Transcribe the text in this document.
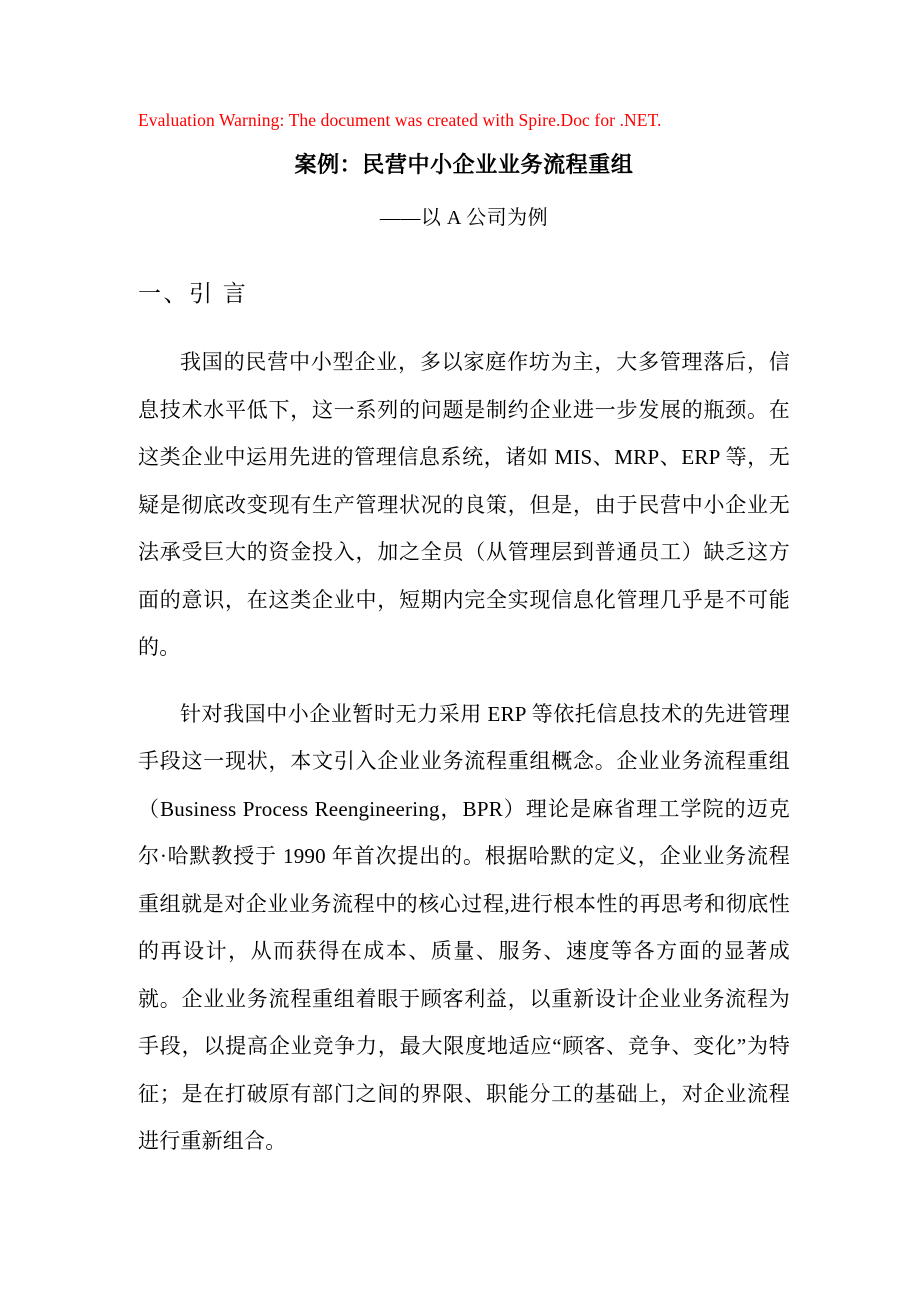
Evaluation Warning: The document was created with Spire.Doc for .NET.

案例：民营中小企业业务流程重组

——以 A 公司为例

一、引 言

我国的民营中小型企业，多以家庭作坊为主，大多管理落后，信息技术水平低下，这一系列的问题是制约企业进一步发展的瓶颈。在这类企业中运用先进的管理信息系统，诸如 MIS、MRP、ERP 等，无疑是彻底改变现有生产管理状况的良策，但是，由于民营中小企业无法承受巨大的资金投入，加之全员（从管理层到普通员工）缺乏这方面的意识，在这类企业中，短期内完全实现信息化管理几乎是不可能的。

针对我国中小企业暂时无力采用 ERP 等依托信息技术的先进管理手段这一现状，本文引入企业业务流程重组概念。企业业务流程重组（Business Process Reengineering，BPR）理论是麻省理工学院的迈克尔·哈默教授于 1990 年首次提出的。根据哈默的定义，企业业务流程重组就是对企业业务流程中的核心过程,进行根本性的再思考和彻底性的再设计，从而获得在成本、质量、服务、速度等各方面的显著成就。企业业务流程重组着眼于顾客利益，以重新设计企业业务流程为手段，以提高企业竞争力，最大限度地适应“顾客、竞争、变化”为特征；是在打破原有部门之间的界限、职能分工的基础上，对企业流程进行重新组合。
